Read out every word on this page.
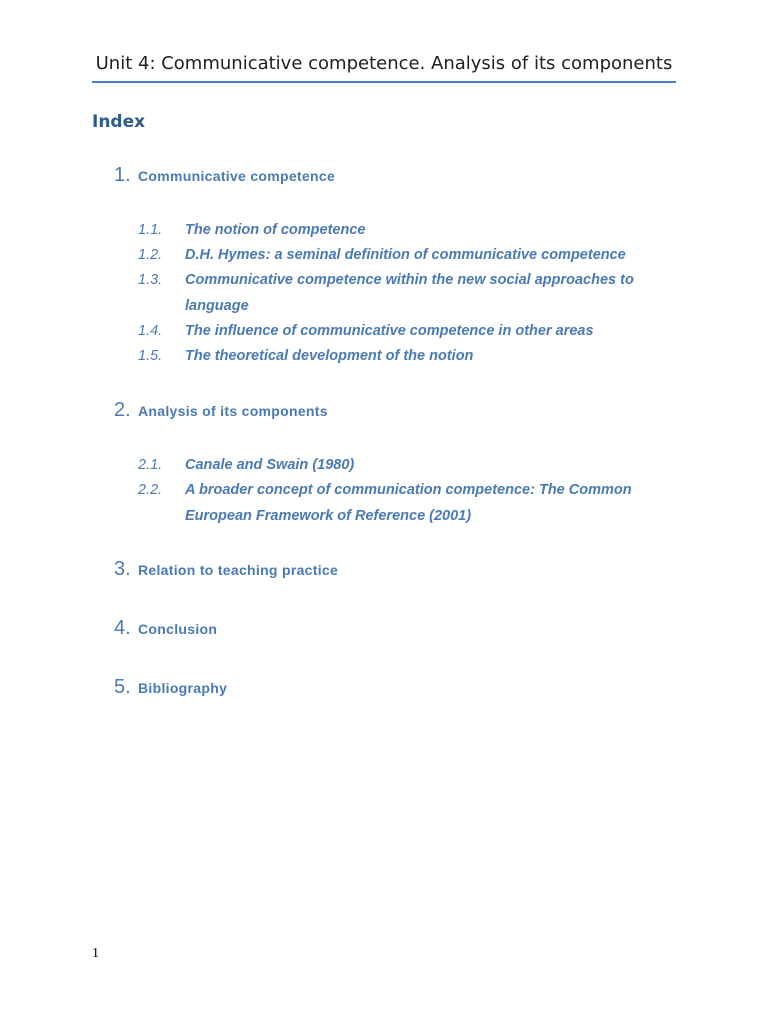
Unit 4: Communicative competence. Analysis of its components
Index
1. Communicative competence
1.1.	The notion of competence
1.2.	D.H. Hymes: a seminal definition of communicative competence
1.3.	Communicative competence within the new social approaches to language
1.4.	The influence of communicative competence in other areas
1.5.	The theoretical development of the notion
2. Analysis of its components
2.1.	Canale and Swain (1980)
2.2.	A broader concept of communication competence: The Common European Framework of Reference (2001)
3. Relation to teaching practice
4. Conclusion
5. Bibliography
1
